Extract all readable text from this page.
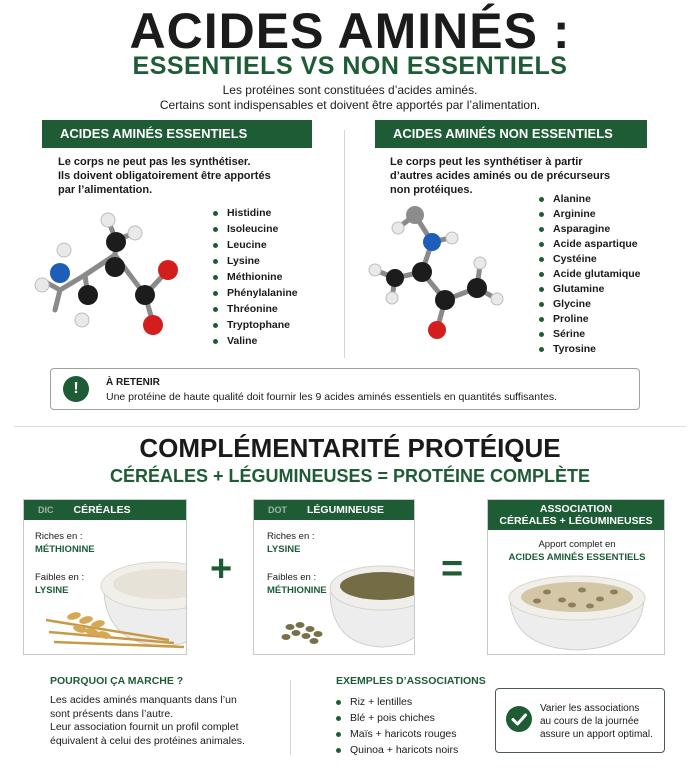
ACIDES AMINÉS :
ESSENTIELS VS NON ESSENTIELS
Les protéines sont constituées d’acides aminés.
Certains sont indispensables et doivent être apportés par l’alimentation.
ACIDES AMINÉS ESSENTIELS
Le corps ne peut pas les synthétiser.
Ils doivent obligatoirement être apportés
par l’alimentation.
Histidine
Isoleucine
Leucine
Lysine
Méthionine
Phénylalanine
Thréonine
Tryptophane
Valine
ACIDES AMINÉS NON ESSENTIELS
Le corps peut les synthétiser à partir
d’autres acides aminés ou de précurseurs
non protéiques.
Alanine
Arginine
Asparagine
Acide aspartique
Cystéine
Acide glutamique
Glutamine
Glycine
Proline
Sérine
Tyrosine
!	À RETENIR
Une protéine de haute qualité doit fournir les 9 acides aminés essentiels en quantités suffisantes.
COMPLÉMENTARITÉ PROTÉIQUE
CÉRÉALES + LÉGUMINEUSES = PROTÉINE COMPLÈTE
DIC CÉRÉALES
Riches en :
MÉTHIONINE
Faibles en :
LYSINE
+
DOT LÉGUMINEUSE
Riches en :
LYSINE
Faibles en :
MÉTHIONINE
=
ASSOCIATION
CÉRÉALES + LÉGUMINEUSES
Apport complet en
ACIDES AMINÉS ESSENTIELS
POURQUOI ÇA MARCHE ?
Les acides aminés manquants dans l’un
sont présents dans l’autre.
Leur association fournit un profil complet
équivalent à celui des protéines animales.
EXEMPLES D’ASSOCIATIONS
Riz + lentilles
Blé + pois chiches
Maïs + haricots rouges
Quinoa + haricots noirs
Varier les associations
au cours de la journée
assure un apport optimal.
